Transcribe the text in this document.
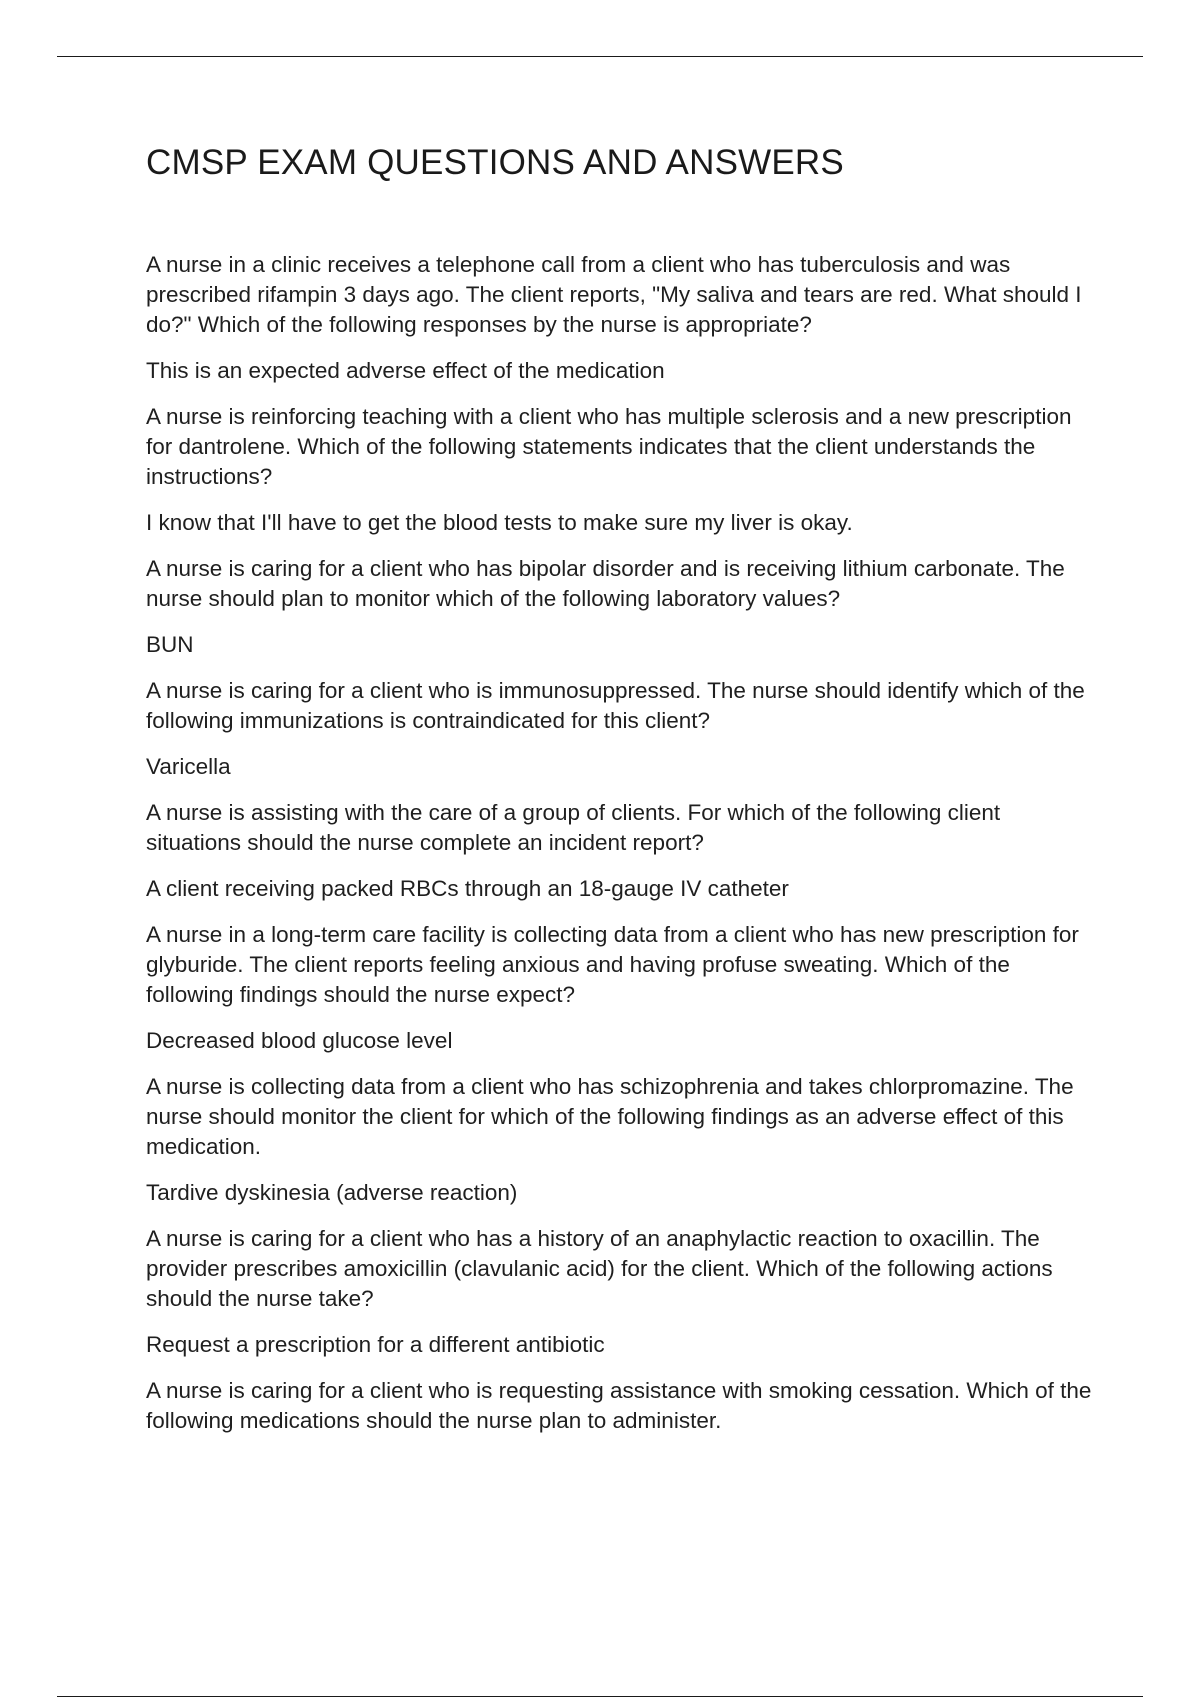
CMSP EXAM QUESTIONS AND ANSWERS

A nurse in a clinic receives a telephone call from a client who has tuberculosis and was prescribed rifampin 3 days ago. The client reports, "My saliva and tears are red. What should I do?" Which of the following responses by the nurse is appropriate?

This is an expected adverse effect of the medication

A nurse is reinforcing teaching with a client who has multiple sclerosis and a new prescription for dantrolene. Which of the following statements indicates that the client understands the instructions?

I know that I'll have to get the blood tests to make sure my liver is okay.

A nurse is caring for a client who has bipolar disorder and is receiving lithium carbonate. The nurse should plan to monitor which of the following laboratory values?

BUN

A nurse is caring for a client who is immunosuppressed. The nurse should identify which of the following immunizations is contraindicated for this client?

Varicella

A nurse is assisting with the care of a group of clients. For which of the following client situations should the nurse complete an incident report?

A client receiving packed RBCs through an 18-gauge IV catheter

A nurse in a long-term care facility is collecting data from a client who has new prescription for glyburide. The client reports feeling anxious and having profuse sweating. Which of the following findings should the nurse expect?

Decreased blood glucose level

A nurse is collecting data from a client who has schizophrenia and takes chlorpromazine. The nurse should monitor the client for which of the following findings as an adverse effect of this medication.

Tardive dyskinesia (adverse reaction)

A nurse is caring for a client who has a history of an anaphylactic reaction to oxacillin. The provider prescribes amoxicillin (clavulanic acid) for the client. Which of the following actions should the nurse take?

Request a prescription for a different antibiotic

A nurse is caring for a client who is requesting assistance with smoking cessation. Which of the following medications should the nurse plan to administer.
